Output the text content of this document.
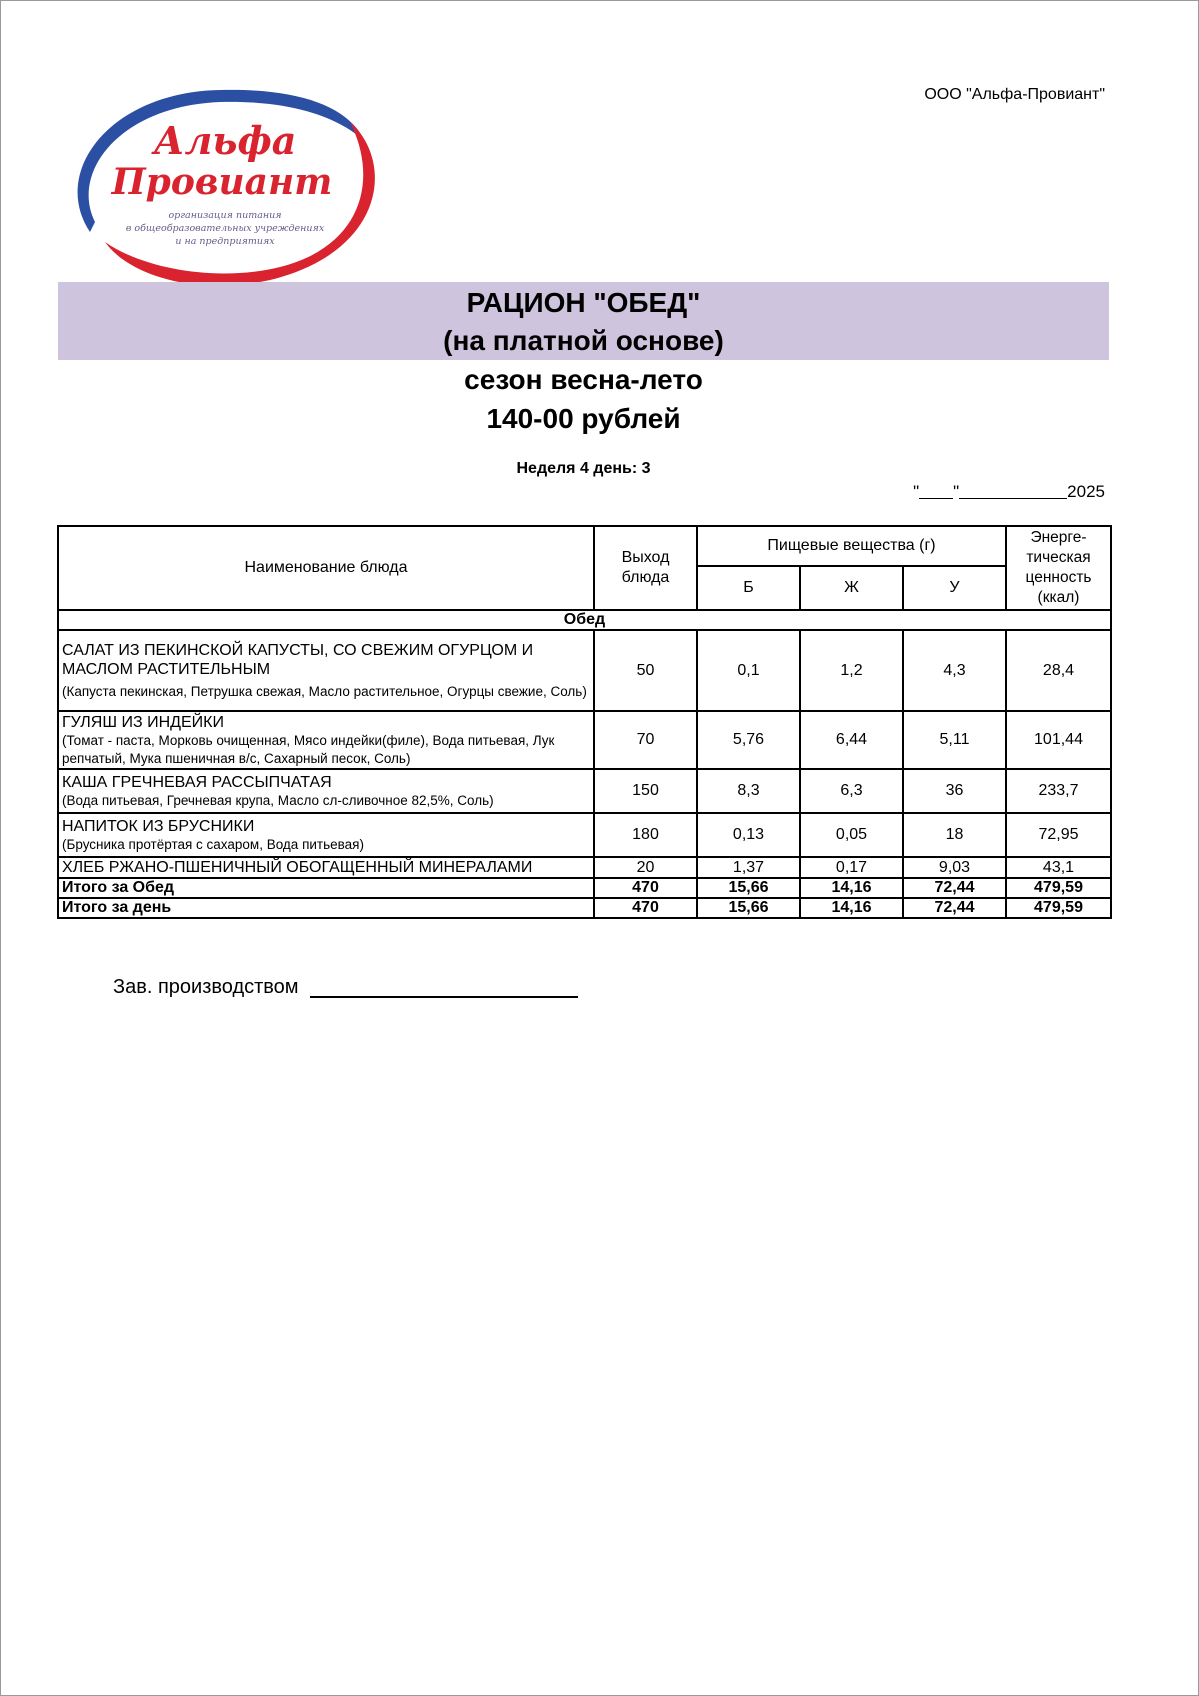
ООО "Альфа-Провиант"
Альфа
Провиант
организация питания
в общеобразовательных учреждениях
и на предприятиях
РАЦИОН "ОБЕД"
(на платной основе)
сезон весна-лето
140-00 рублей
Неделя 4 день: 3
" "	2025
Наименование блюда	Выход блюда	Пищевые вещества (г)			Энерге-тическая ценность (ккал)
		Б	Ж	У	
Обед					

САЛАТ ИЗ ПЕКИНСКОЙ КАПУСТЫ, СО СВЕЖИМ ОГУРЦОМ И МАСЛОМ РАСТИТЕЛЬНЫМ
(Капуста пекинская, Петрушка свежая, Масло растительное, Огурцы свежие, Соль)	50	0,1	1,2	4,3	28,4

ГУЛЯШ ИЗ ИНДЕЙКИ
(Томат - паста, Морковь очищенная, Мясо индейки(филе), Вода питьевая, Лук репчатый, Мука пшеничная в/с, Сахарный песок, Соль)	70	5,76	6,44	5,11	101,44

КАША ГРЕЧНЕВАЯ РАССЫПЧАТАЯ
(Вода питьевая, Гречневая крупа, Масло сл-сливочное 82,5%, Соль)	150	8,3	6,3	36	233,7

НАПИТОК ИЗ БРУСНИКИ
(Брусника протёртая с сахаром, Вода питьевая)	180	0,13	0,05	18	72,95

ХЛЕБ РЖАНО-ПШЕНИЧНЫЙ ОБОГАЩЕННЫЙ МИНЕРАЛАМИ	20	1,37	0,17	9,03	43,1
Итого за Обед	470	15,66	14,16	72,44	479,59
Итого за день	470	15,66	14,16	72,44	479,59
Зав. производством
